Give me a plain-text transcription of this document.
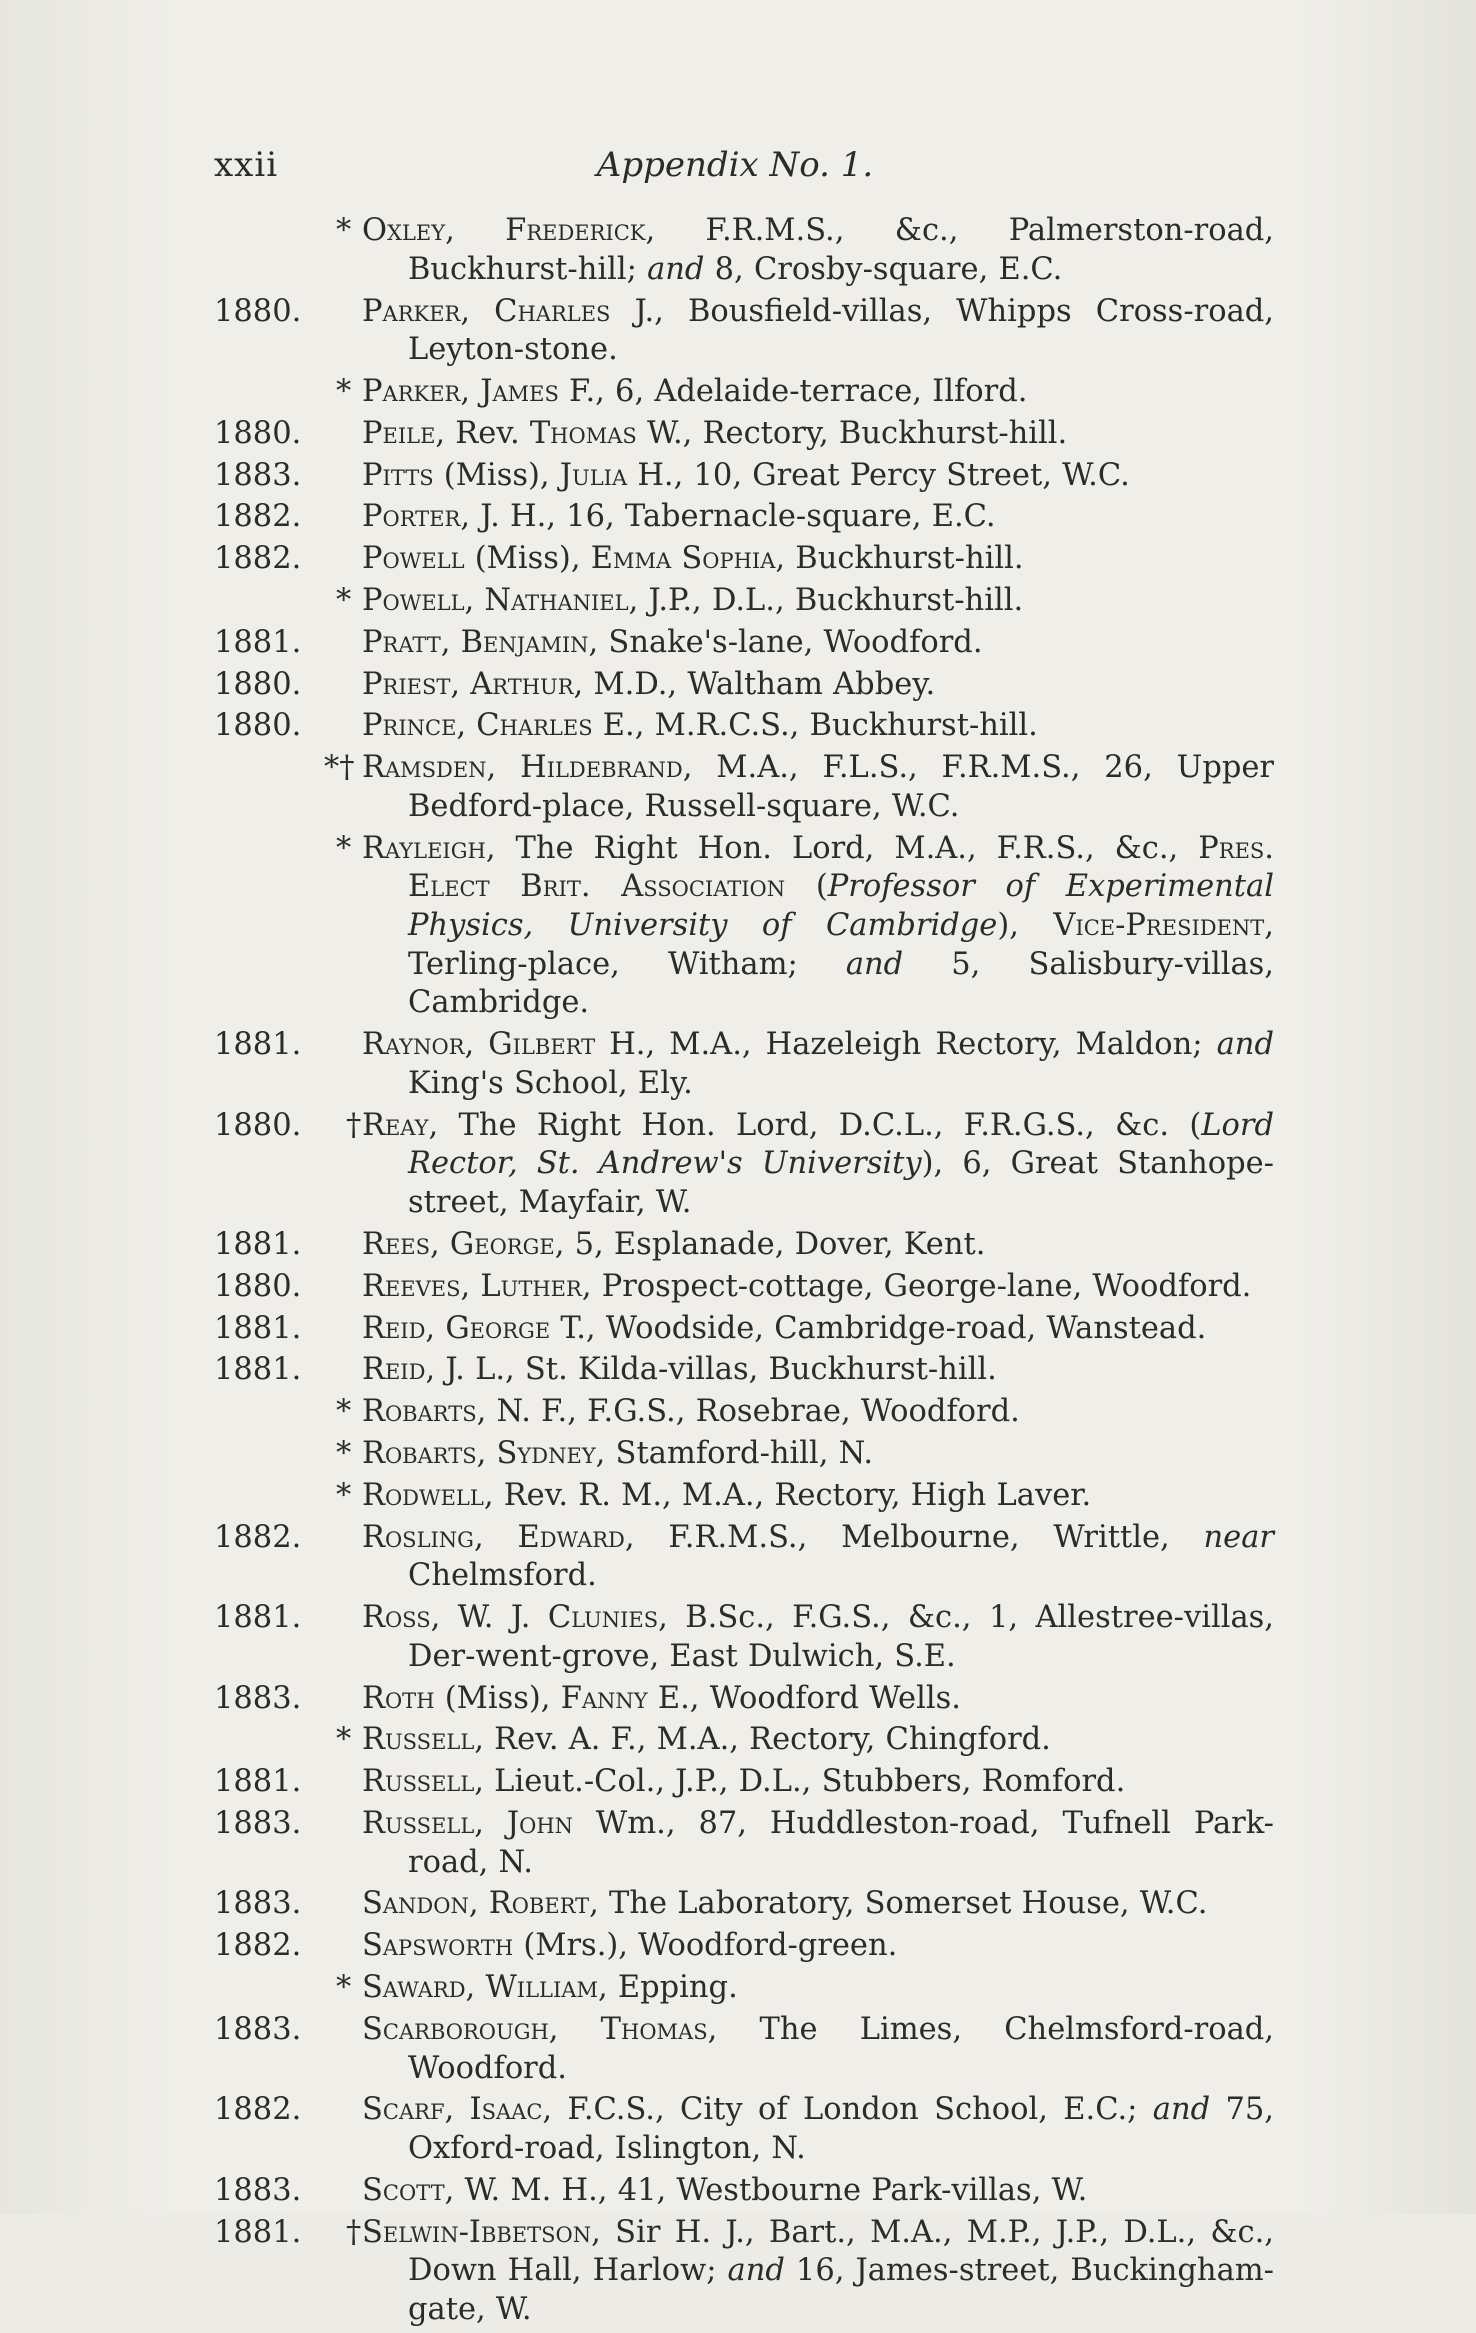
xxii	Appendix No. 1.
* Oxley, Frederick, F.R.M.S., &c., Palmerston-road, Buckhurst-hill; and 8, Crosby-square, E.C.
1880. Parker, Charles J., Bousfield-villas, Whipps Cross-road, Leyton-stone.
* Parker, James F., 6, Adelaide-terrace, Ilford.
1880. Peile, Rev. Thomas W., Rectory, Buckhurst-hill.
1883. Pitts (Miss), Julia H., 10, Great Percy Street, W.C.
1882. Porter, J. H., 16, Tabernacle-square, E.C.
1882. Powell (Miss), Emma Sophia, Buckhurst-hill.
* Powell, Nathaniel, J.P., D.L., Buckhurst-hill.
1881. Pratt, Benjamin, Snake's-lane, Woodford.
1880. Priest, Arthur, M.D., Waltham Abbey.
1880. Prince, Charles E., M.R.C.S., Buckhurst-hill.
*† Ramsden, Hildebrand, M.A., F.L.S., F.R.M.S., 26, Upper Bedford-place, Russell-square, W.C.
* Rayleigh, The Right Hon. Lord, M.A., F.R.S., &c., Pres. Elect Brit. Association (Professor of Experimental Physics, University of Cambridge), Vice-President, Terling-place, Witham; and 5, Salisbury-villas, Cambridge.
1881. Raynor, Gilbert H., M.A., Hazeleigh Rectory, Maldon; and King's School, Ely.
1880. † Reay, The Right Hon. Lord, D.C.L., F.R.G.S., &c. (Lord Rector, St. Andrew's University), 6, Great Stanhope-street, Mayfair, W.
1881. Rees, George, 5, Esplanade, Dover, Kent.
1880. Reeves, Luther, Prospect-cottage, George-lane, Woodford.
1881. Reid, George T., Woodside, Cambridge-road, Wanstead.
1881. Reid, J. L., St. Kilda-villas, Buckhurst-hill.
* Robarts, N. F., F.G.S., Rosebrae, Woodford.
* Robarts, Sydney, Stamford-hill, N.
* Rodwell, Rev. R. M., M.A., Rectory, High Laver.
1882. Rosling, Edward, F.R.M.S., Melbourne, Writtle, near Chelmsford.
1881. Ross, W. J. Clunies, B.Sc., F.G.S., &c., 1, Allestree-villas, Der-went-grove, East Dulwich, S.E.
1883. Roth (Miss), Fanny E., Woodford Wells.
* Russell, Rev. A. F., M.A., Rectory, Chingford.
1881. Russell, Lieut.-Col., J.P., D.L., Stubbers, Romford.
1883. Russell, John Wm., 87, Huddleston-road, Tufnell Park-road, N.
1883. Sandon, Robert, The Laboratory, Somerset House, W.C.
1882. Sapsworth (Mrs.), Woodford-green.
* Saward, William, Epping.
1883. Scarborough, Thomas, The Limes, Chelmsford-road, Woodford.
1882. Scarf, Isaac, F.C.S., City of London School, E.C.; and 75, Oxford-road, Islington, N.
1883. Scott, W. M. H., 41, Westbourne Park-villas, W.
1881. † Selwin-Ibbetson, Sir H. J., Bart., M.A., M.P., J.P., D.L., &c., Down Hall, Harlow; and 16, James-street, Buckingham-gate, W.
